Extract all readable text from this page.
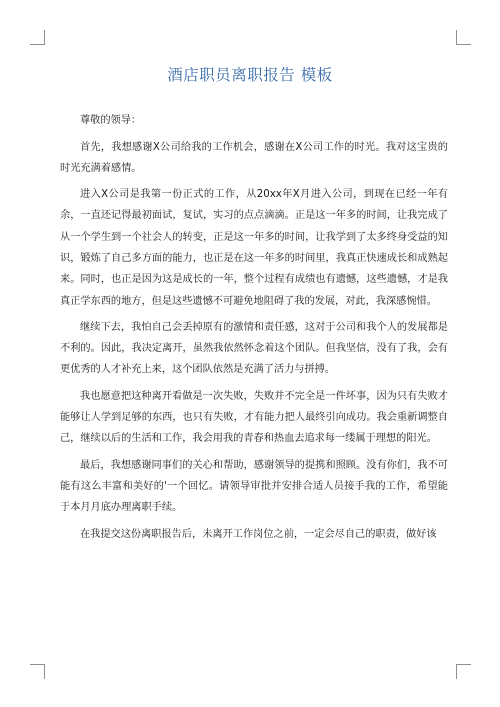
酒店职员离职报告 模板

尊敬的领导：

首先，我想感谢X公司给我的工作机会，感谢在X公司工作的时光。我对这宝贵的时光充满着感情。

进入X公司是我第一份正式的工作，从20xx年X月进入公司，到现在已经一年有余，一直还记得最初面试，复试，实习的点点滴滴。正是这一年多的时间，让我完成了从一个学生到一个社会人的转变，正是这一年多的时间，让我学到了太多终身受益的知识，锻炼了自己多方面的能力，也正是在这一年多的时间里，我真正快速成长和成熟起来。同时，也正是因为这是成长的一年，整个过程有成绩也有遗憾，这些遗憾，才是我真正学东西的地方，但是这些遗憾不可避免地阻碍了我的发展，对此，我深感惋惜。

继续下去，我怕自己会丢掉原有的激情和责任感，这对于公司和我个人的发展都是不利的。因此，我决定离开，虽然我依然怀念着这个团队。但我坚信，没有了我，会有更优秀的人才补充上来，这个团队依然是充满了活力与拼搏。

我也愿意把这种离开看做是一次失败，失败并不完全是一件坏事，因为只有失败才能够让人学到足够的东西，也只有失败，才有能力把人最终引向成功。我会重新调整自己，继续以后的生活和工作，我会用我的青春和热血去追求每一缕属于理想的阳光。

最后，我想感谢同事们的关心和帮助，感谢领导的提携和照顾。没有你们，我不可能有这么丰富和美好的'一个回忆。请领导审批并安排合适人员接手我的工作，希望能于本月月底办理离职手续。

在我提交这份离职报告后，未离开工作岗位之前，一定会尽自己的职责，做好该
